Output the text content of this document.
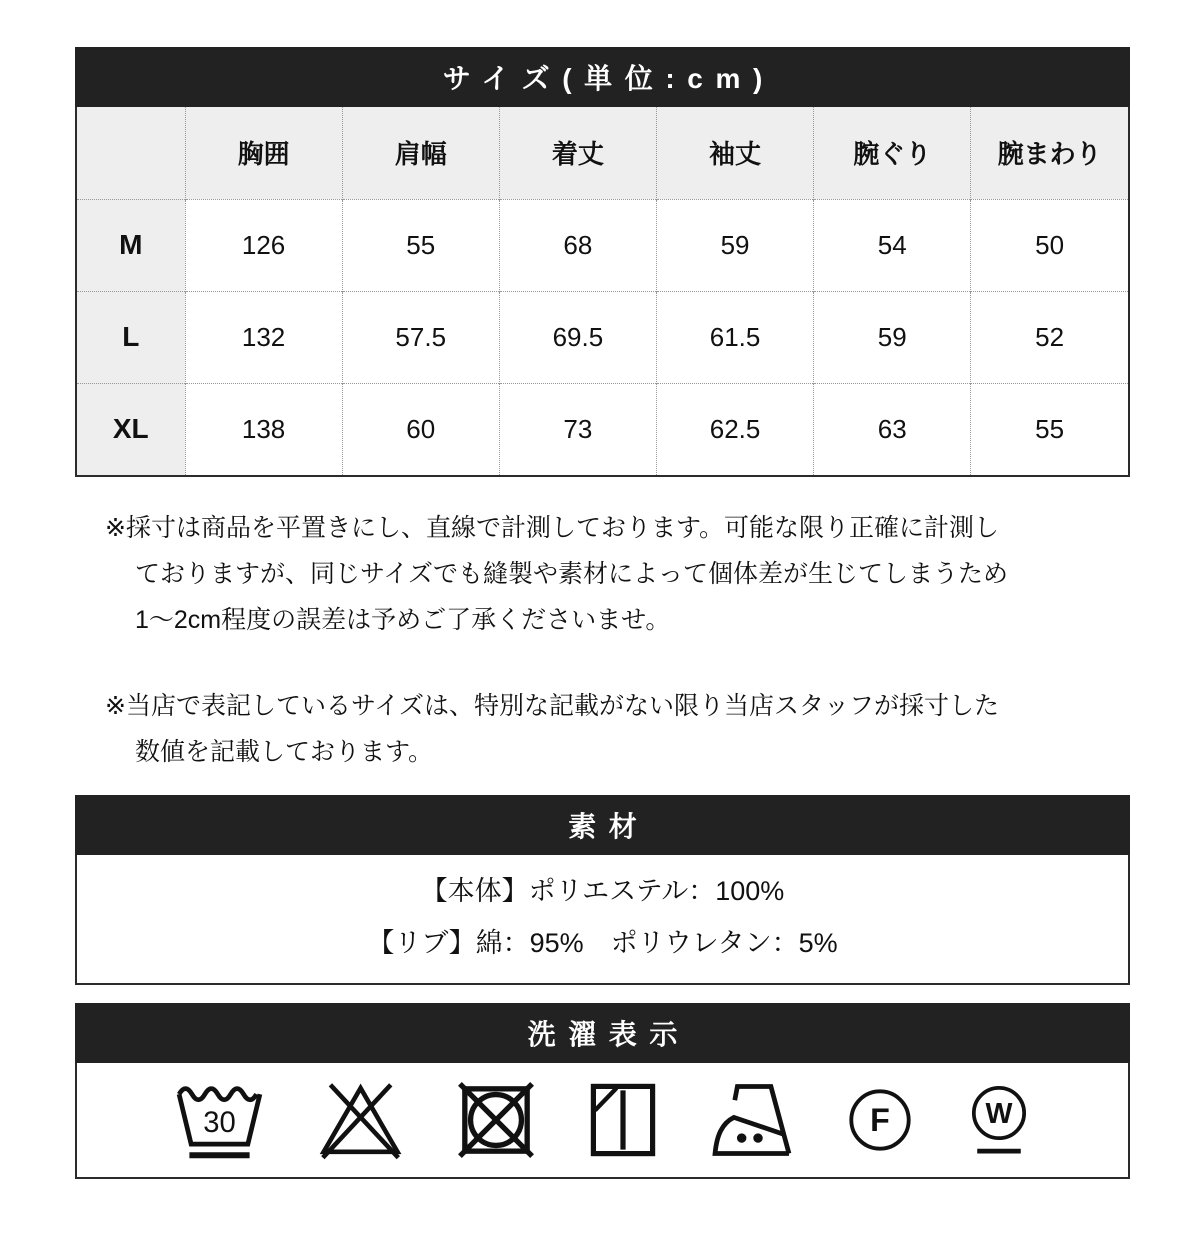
サイズ(単位:cm)
	胸囲	肩幅	着丈	袖丈	腕ぐり	腕まわり
M	126	55	68	59	54	50
L	132	57.5	69.5	61.5	59	52
XL	138	60	73	62.5	63	55
※採寸は商品を平置きにし、直線で計測しております。可能な限り正確に計測し
ておりますが、同じサイズでも縫製や素材によって個体差が生じてしまうため
1～2cm程度の誤差は予めご了承くださいませ。
※当店で表記しているサイズは、特別な記載がない限り当店スタッフが採寸した
数値を記載しております。
素材
【本体】ポリエステル：100%
【リブ】綿：95%　ポリウレタン：5%
洗濯表示
30	F W
